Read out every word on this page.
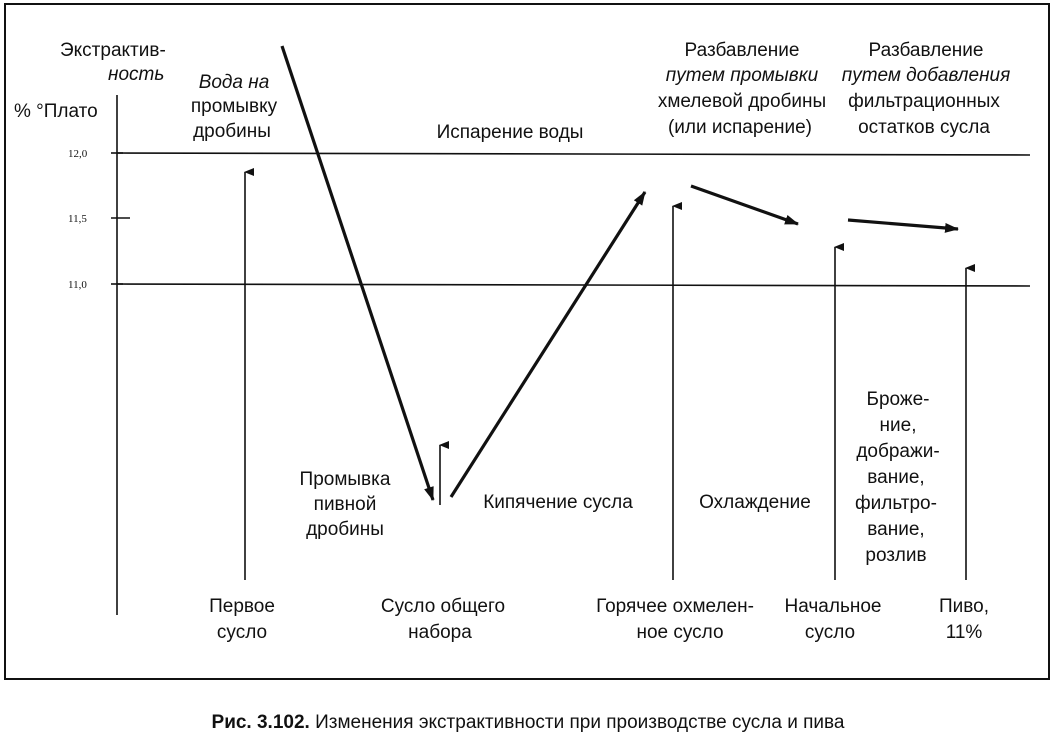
Экстрактив-
ность
% °Плато
12,0
11,5
11,0
Вода на
промывку
дробины	Испарение воды
Разбавление
путем промывки
хмелевой дробины
(или испарение)
Разбавление
путем добавления
фильтрационных
остатков сусла
Промывка
пивной
дробины
Кипячение сусла	Охлаждение
Броже-
ние,
дображи-
вание,
фильтро-
вание,
розлив
Первое
сусло
Сусло общего
набора
Горячее охмелен-
ное сусло
Начальное
сусло
Пиво,
11%
Рис. 3.102. Изменения экстрактивности при производстве сусла и пива
